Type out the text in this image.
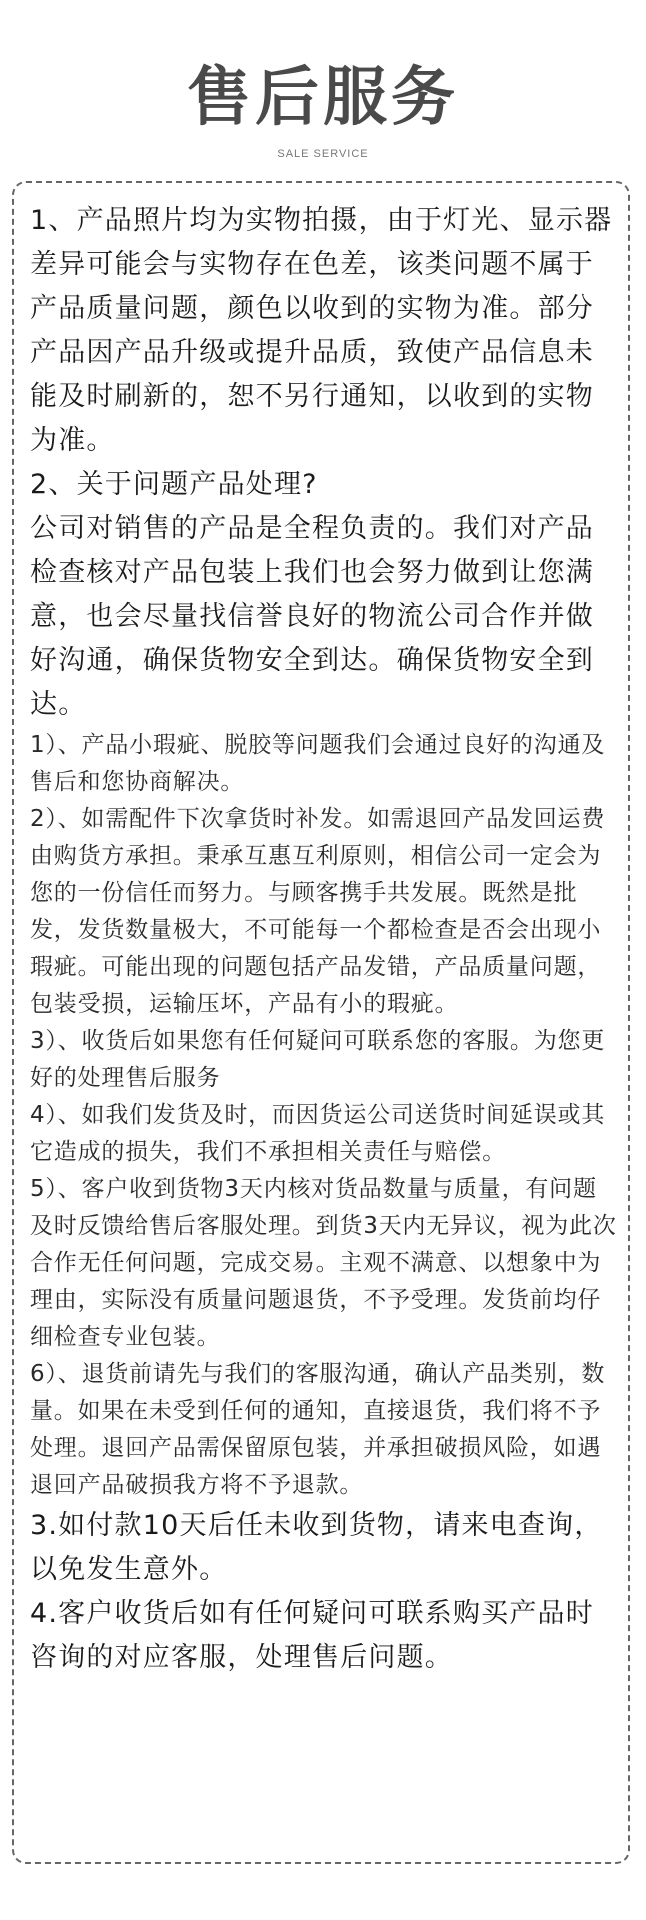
售后服务
SALE SERVICE

1、产品照片均为实物拍摄，由于灯光、显示器差异可能会与实物存在色差，该类问题不属于产品质量问题，颜色以收到的实物为准。部分产品因产品升级或提升品质，致使产品信息未能及时刷新的，恕不另行通知，以收到的实物为准。

2、关于问题产品处理?

公司对销售的产品是全程负责的。我们对产品检查核对产品包装上我们也会努力做到让您满意，也会尽量找信誉良好的物流公司合作并做好沟通，确保货物安全到达。确保货物安全到达。

1）、产品小瑕疵、脱胶等问题我们会通过良好的沟通及售后和您协商解决。

2）、如需配件下次拿货时补发。如需退回产品发回运费由购货方承担。秉承互惠互利原则，相信公司一定会为您的一份信任而努力。与顾客携手共发展。既然是批发，发货数量极大，不可能每一个都检查是否会出现小瑕疵。可能出现的问题包括产品发错，产品质量问题，包装受损，运输压坏，产品有小的瑕疵。

3）、收货后如果您有任何疑问可联系您的客服。为您更好的处理售后服务

4）、如我们发货及时，而因货运公司送货时间延误或其它造成的损失，我们不承担相关责任与赔偿。

5）、客户收到货物3天内核对货品数量与质量，有问题及时反馈给售后客服处理。到货3天内无异议，视为此次合作无任何问题，完成交易。主观不满意、以想象中为理由，实际没有质量问题退货，不予受理。发货前均仔细检查专业包装。

6）、退货前请先与我们的客服沟通，确认产品类别，数量。如果在未受到任何的通知，直接退货，我们将不予处理。退回产品需保留原包装，并承担破损风险，如遇退回产品破损我方将不予退款。

3.如付款10天后任未收到货物，请来电查询，以免发生意外。

4.客户收货后如有任何疑问可联系购买产品时咨询的对应客服，处理售后问题。
